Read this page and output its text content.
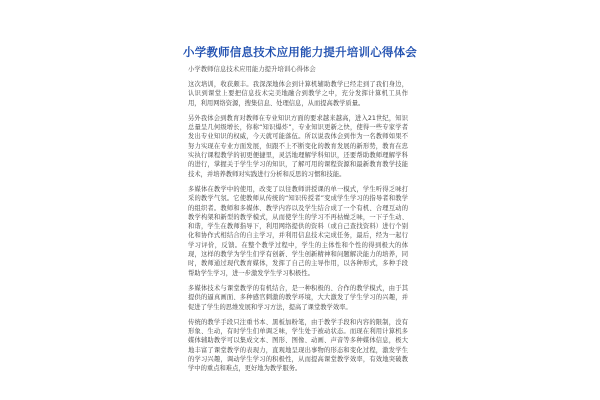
小学教师信息技术应用能力提升培训心得体会
小学教师信息技术应用能力提升培训心得体会

这次培训，收获颇丰。我深深地体会到计算机辅助教学已经走到了我们身边，认识到课堂上要把信息技术完美地融合到教学之中，充分发挥计算机工具作用，利用网络资源，搜集信息、处理信息，从而提高教学质量。

另外我体会到教育对教师在专业知识方面的要求越来越高，进入21世纪，知识总量呈几何级增长，你称“知识爆炸”，专业知识更新之快，使得一些专家学者发出专业知识的权威，今天就可能落伍。所以说我体会到作为一名教师如果不努力实现在专业方面发展，但跟不上不断变化的教育发展的新形势，教育在忠实执行课程教学的初更便捷里，灵活地理解学科知识，还要帮助教师理解学科的进行，掌握关于学生学习的知识，了解可用的课程资源和最新教育教学技能技术，并培养教师对实践进行分析和反思的习惯和技能。

多媒体在教学中的使用，改变了以往教师讲授课的单一模式，学生听得乏味打采的教学气氛。它使教师从传统的“知识传授者”变成学生学习的指导者和教学的组织者。教师和多媒体、教学内容以及学生结合成了一个有机、合理互动的教学构架和新型的教学模式，从而使学生的学习不再枯燥乏味，一下子生动、和谐，学生在教师指导下，利用网络提供的资料（或自己查找资料）进行个别化和协作式相结合的自主学习，并利用信息技术完成任务，最后，经为一起行学习评价，反馈。在整个教学过程中，学生的主体性和个性的得到极大的体现，这样的教学为学生们学有创新、学生创新精神和问题解决能力的培养，同时，教师通过现代教育媒体，发挥了自己的主导作用，以各种形式，多种手段帮助学生学习，进一步激发学生学习积极性。

多媒体技术与课堂教学的有机结合，是一种积极的、合作的教学模式，由于其提供的逼真画面、多种感官刺激的教学环境，大大激发了学生学习的兴趣，并促进了学生的思维发展和学习方法，提高了课堂教学效率。

传统的教学手段只注重书本、黑板加粉笔，由于教学手段和内容的限制，没有形象、生动，有时学生们单调乏味，学生处于被动状态。而现在利用计算机多媒体辅助教学可以集成文本、图形、图像、动画、声音等多种媒体信息，极大地丰富了课堂教学的表现力，直观地呈现出事物的形态和变化过程，激发学生的学习兴趣，调动学生学习的积极性，从而提高课堂教学效率，有效地突破教学中的重点和难点，更好地为教学服务。
